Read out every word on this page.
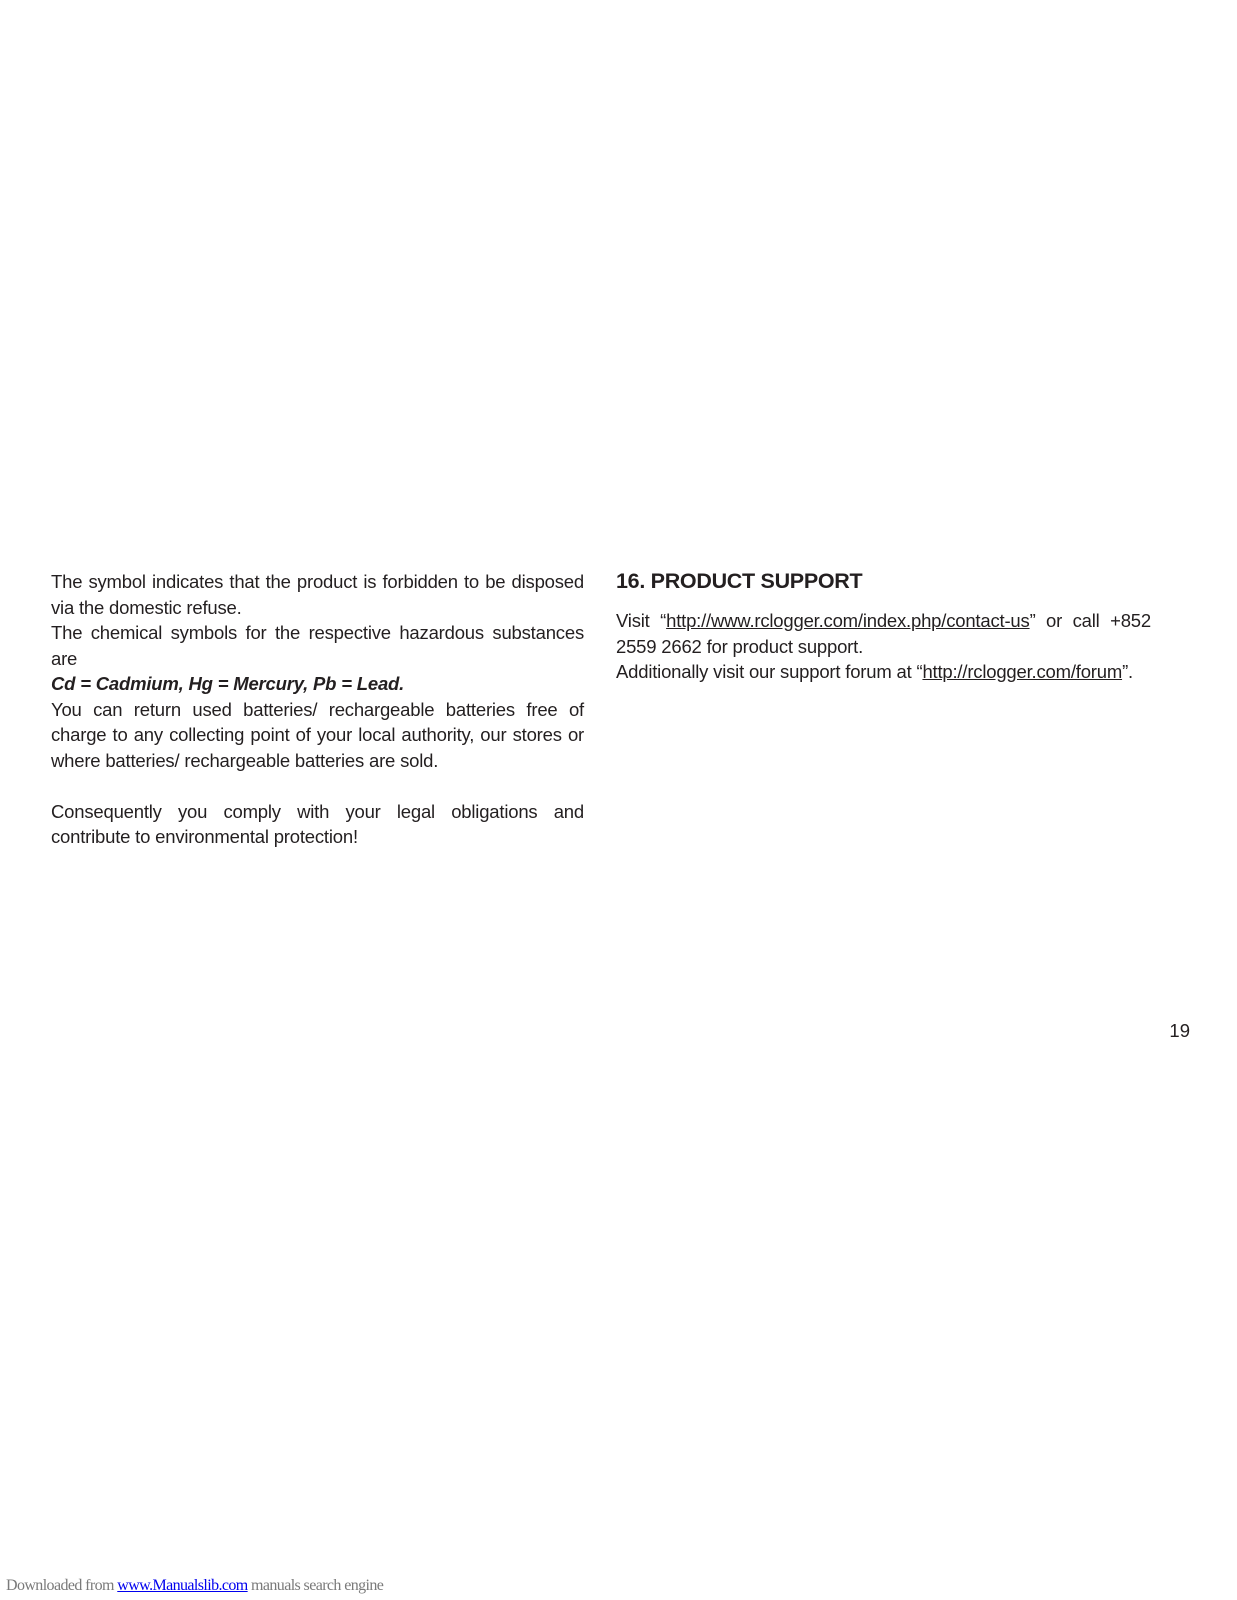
The symbol indicates that the product is forbidden to be disposed via the domestic refuse.
The chemical symbols for the respective hazardous substances are
Cd = Cadmium, Hg = Mercury, Pb = Lead.
You can return used batteries/ rechargeable batteries free of charge to any collecting point of your local authority, our stores or where batteries/ rechargeable batteries are sold.

Consequently you comply with your legal obligations and contribute to environmental protection!

16. PRODUCT SUPPORT

Visit “http://www.rclogger.com/index.php/contact-us” or call +852 2559 2662 for product support.
Additionally visit our support forum at “http://rclogger.com/forum”.

19
Downloaded from www.Manualslib.com manuals search engine
